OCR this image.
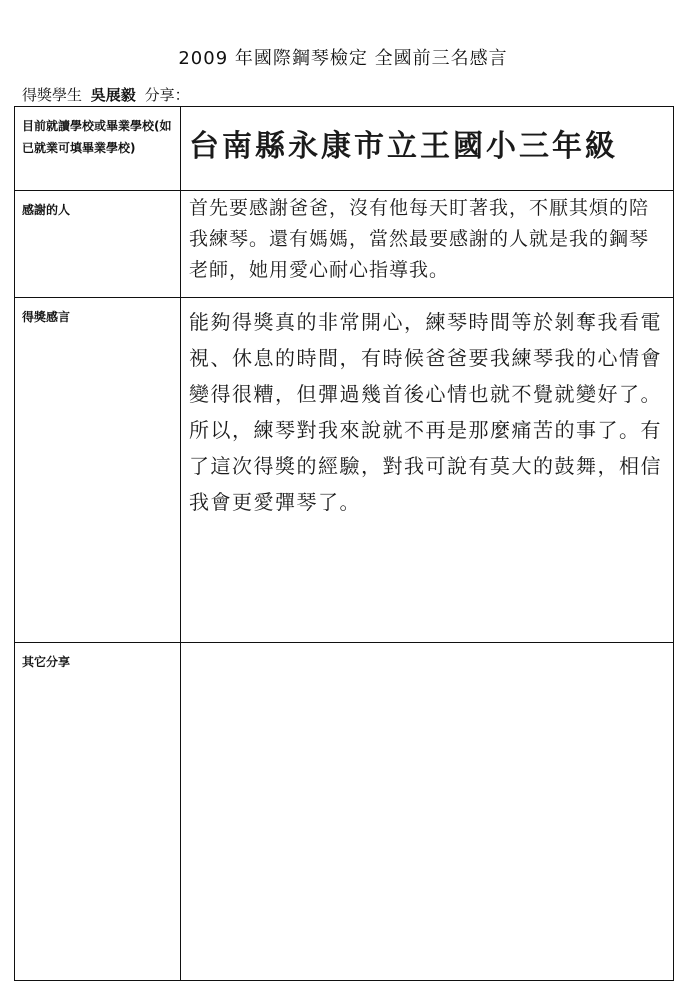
2009 年國際鋼琴檢定 全國前三名感言
得獎學生 吳展毅 分享：
目前就讀學校或畢業學校(如已就業可填畢業學校)	台南縣永康市立王國小三年級

感謝的人	首先要感謝爸爸，沒有他每天盯著我，不厭其煩的陪我練琴。還有媽媽，當然最要感謝的人就是我的鋼琴老師，她用愛心耐心指導我。

得獎感言	能夠得獎真的非常開心，練琴時間等於剝奪我看電視、休息的時間，有時候爸爸要我練琴我的心情會變得很糟，但彈過幾首後心情也就不覺就變好了。所以，練琴對我來說就不再是那麼痛苦的事了。有了這次得獎的經驗，對我可說有莫大的鼓舞，相信我會更愛彈琴了。

其它分享	
